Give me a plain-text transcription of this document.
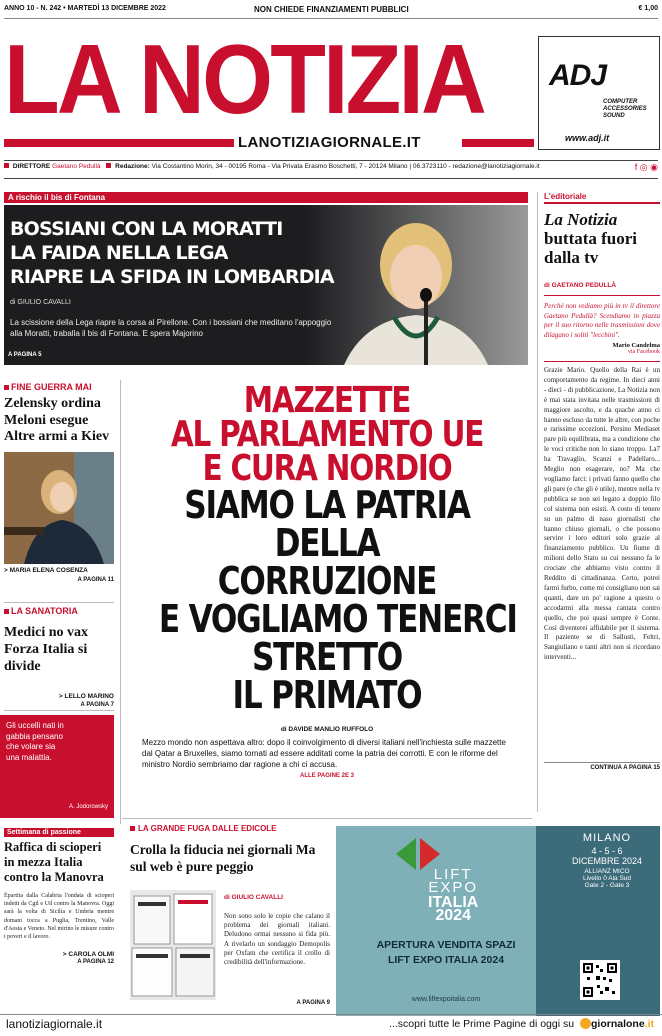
ANNO 10 - N. 242 • MARTEDÌ 13 DICEMBRE 2022	NON CHIEDE FINANZIAMENTI PUBBLICI	€ 1,00
LA NOTIZIA
LANOTIZIAGIORNALE.IT
ADJ
COMPUTER
ACCESSORIES
SOUND
www.adj.it
DIRETTORE Gaetano Pedullà Redazione: Via Costantino Morin, 34 - 00195 Roma - Via Privata Erasmo Boschetti, 7 - 20124 Milano | 06.3723110 - redazione@lanotiziagiornale.it	f ◎ ◉
A rischio il bis di Fontana
BOSSIANI CON LA MORATTI
LA FAIDA NELLA LEGA
RIAPRE LA SFIDA IN LOMBARDIA
di GIULIO CAVALLI
La scissione della Lega riapre la corsa al Pirellone. Con i bossiani che meditano l'appoggio alla Moratti, traballa il bis di Fontana. E spera Majorino
A PAGINA 5
L'editoriale
La Notizia buttata fuori dalla tv
di GAETANO PEDULLÀ

Perché non vediamo più in tv il direttore Gaetano Pedullà? Scendiamo in piazza per il suo ritorno nelle trasmissioni dove dilagano i soliti "lecchini".

Mario Candelma
via Facebook

Grazie Mario. Quello della Rai è un comportamento da regime. In dieci anni - dieci - di pubblicazione, La Notizia non è mai stata invitata nelle trasmissioni di maggiore ascolto, e da quache anno ci hanno escluso da tutte le altre, con poche e rarissime eccezioni. Persino Mediaset pare più equilibrata, ma a condizione che le voci critiche non lo siano troppo. La7 ha Travaglio, Scanzi e Padellaro... Meglio non esagerare, no? Ma che vogliamo farci: i privati fanno quello che gli pare (e che gli è utile), mentre nella tv pubblica se non sei legato a doppio filo col sistema non esisti. A costo di tenere su un palmo di naso giornalisti che hanno chiuso giornali, o che possono servire i loro editori solo grazie al finanziamento pubblico. Un fiume di milioni dello Stato su cui nessuno fa le crociate che abbiamo visto contro il Reddito di cittadinanza. Certo, potrei farmi furbo, come mi consigliano non sai quanti, dare un po' ragione a questo o accodarmi alla messa cantata contro quello, che poi quasi sempre è Conte. Così diventerei affidabile per il sistema. Il paziente se di Sallusti, Feltri, Sangiuliano e tanti altri non si ricordano interventi...

CONTINUA A PAGINA 15
FINE GUERRA MAI
Zelensky ordina Meloni esegue Altre armi a Kiev
> MARIA ELENA COSENZA
A PAGINA 11
LA SANATORIA
Medici no vax Forza Italia si divide
> LELLO MARINO
A PAGINA 7
Gli uccelli nati in gabbia pensano che volare sia una malattia.
A. Jodorowsky
Settimana di passione
Raffica di scioperi in mezza Italia contro la Manovra

Èpartita dalla Calabria l'ondata di scioperi indetti da Cgil e Uil contro la Manovra. Oggi sarà la volta di Sicilia e Umbria mentre domani tocca a Puglia, Trentino, Valle d'Aosta e Veneto. Nel mirino le misure contro i poveri e il lavoro.

> CAROLA OLMI
A PAGINA 12
MAZZETTE
AL PARLAMENTO UE
E CURA NORDIO
SIAMO LA PATRIA
DELLA
CORRUZIONE
E VOGLIAMO TENERCI
STRETTO
IL PRIMATO
di DAVIDE MANLIO RUFFOLO
Mezzo mondo non aspettava altro: dopo il coinvolgimento di diversi italiani nell'inchiesta sulle mazzette dal Qatar a Bruxelles, siamo tornati ad essere additati come la patria dei corrotti. E con le riforme del ministro Nordio sembriamo dar ragione a chi ci accusa.
ALLE PAGINE 2E 3
LA GRANDE FUGA DALLE EDICOLE
Crolla la fiducia nei giornali Ma sul web è pure peggio
di GIULIO CAVALLI

Non sono solo le copie che calano il problema dei giornali italiani. Deludono ormai nessuno si fida più. A rivelarlo un sondaggio Demopolis per Oxfam che certifica il crollo di credibilità dell'informazione.

A PAGINA 9
LIFT
EXPO
ITALIA
2024
MILANO
4 - 5 - 6
DICEMBRE 2024
ALLIANZ MICO
Livello 0 Ala Sud
Gate 2 - Gate 3
APERTURA VENDITA SPAZI
LIFT EXPO ITALIA 2024
www.liftexpoitalia.com
lanotiziagiornale.it	...scopri tutte le Prime Pagine di oggi su giornalone.it
